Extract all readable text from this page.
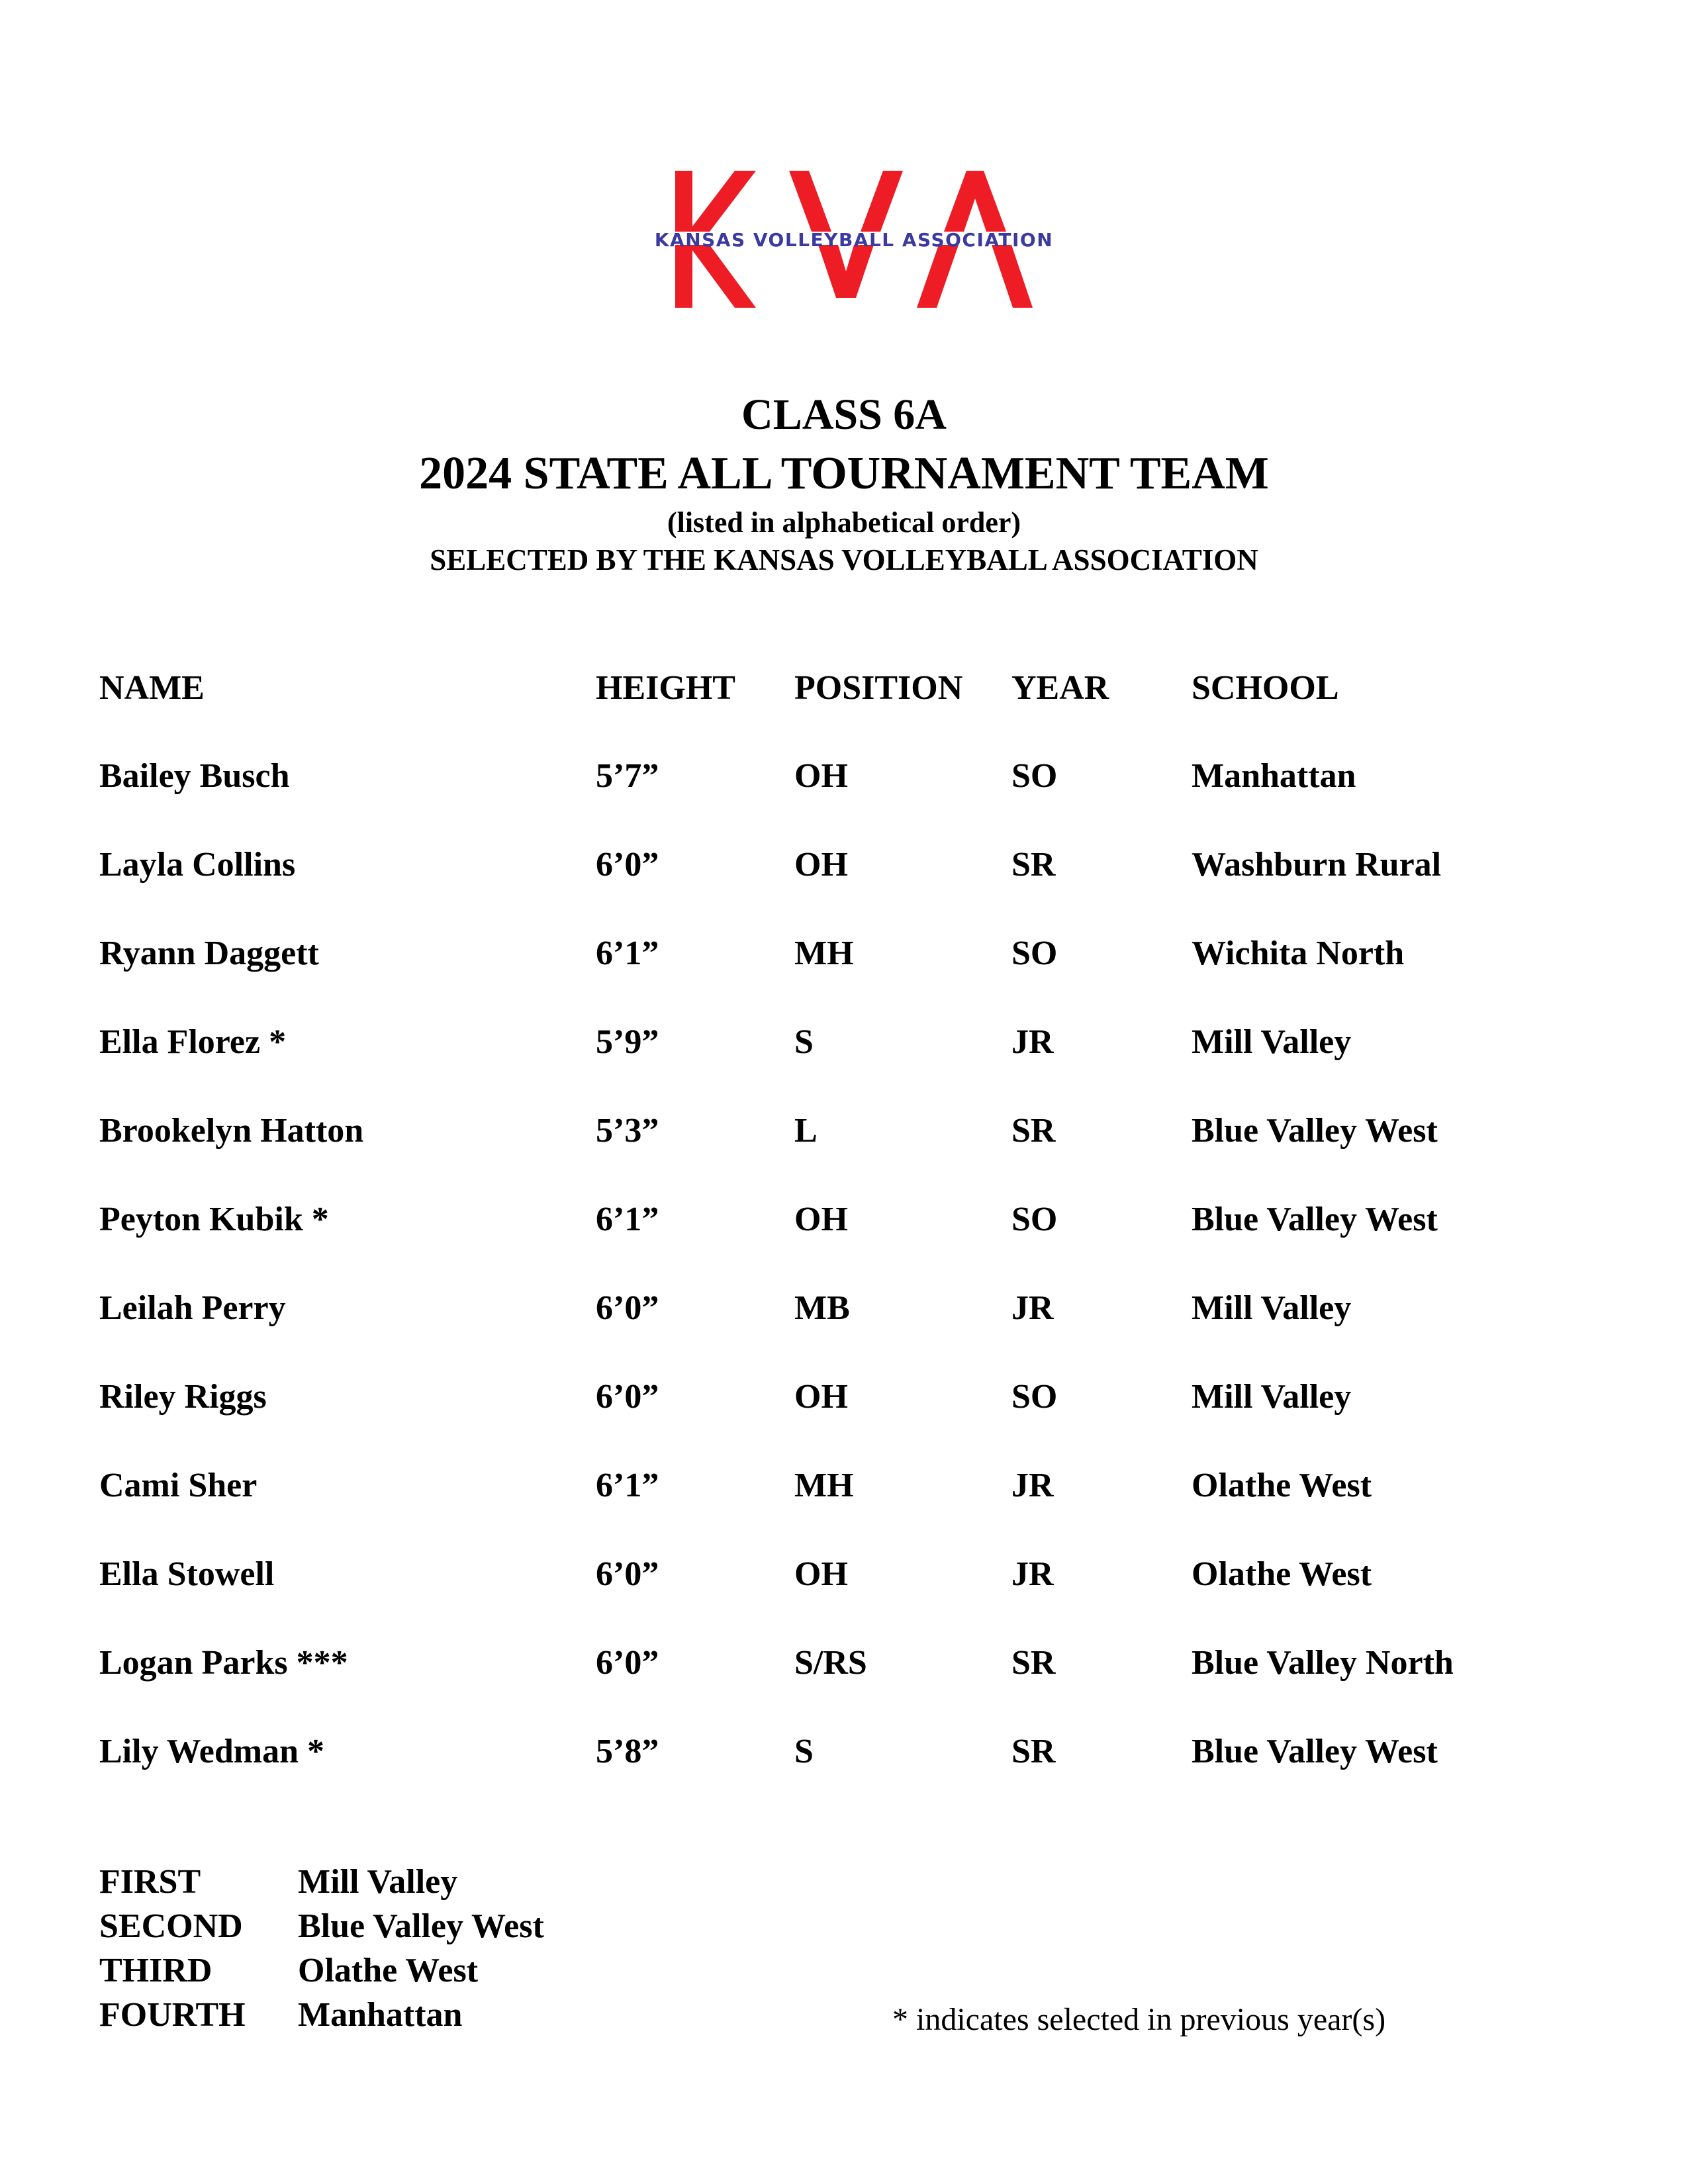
KANSAS VOLLEYBALL ASSOCIATION
CLASS 6A
2024 STATE ALL TOURNAMENT TEAM
(listed in alphabetical order)
SELECTED BY THE KANSAS VOLLEYBALL ASSOCIATION
NAME	HEIGHT POSITION YEAR SCHOOL
Bailey Busch	5’7”	OH	SO	Manhattan
Layla Collins	6’0”	OH	SR	Washburn Rural
Ryann Daggett	6’1”	MH	SO	Wichita North
Ella Florez *	5’9”	S	JR	Mill Valley
Brookelyn Hatton	5’3”	L	SR	Blue Valley West
Peyton Kubik *	6’1”	OH	SO	Blue Valley West
Leilah Perry	6’0”	MB	JR	Mill Valley
Riley Riggs	6’0”	OH	SO	Mill Valley
Cami Sher	6’1”	MH	JR	Olathe West
Ella Stowell	6’0”	OH	JR	Olathe West
Logan Parks ***	6’0”	S/RS	SR	Blue Valley North
Lily Wedman *	5’8”	S	SR	Blue Valley West
FIRST	Mill Valley
SECOND	Blue Valley West
THIRD	Olathe West
FOURTH	Manhattan	* indicates selected in previous year(s)
